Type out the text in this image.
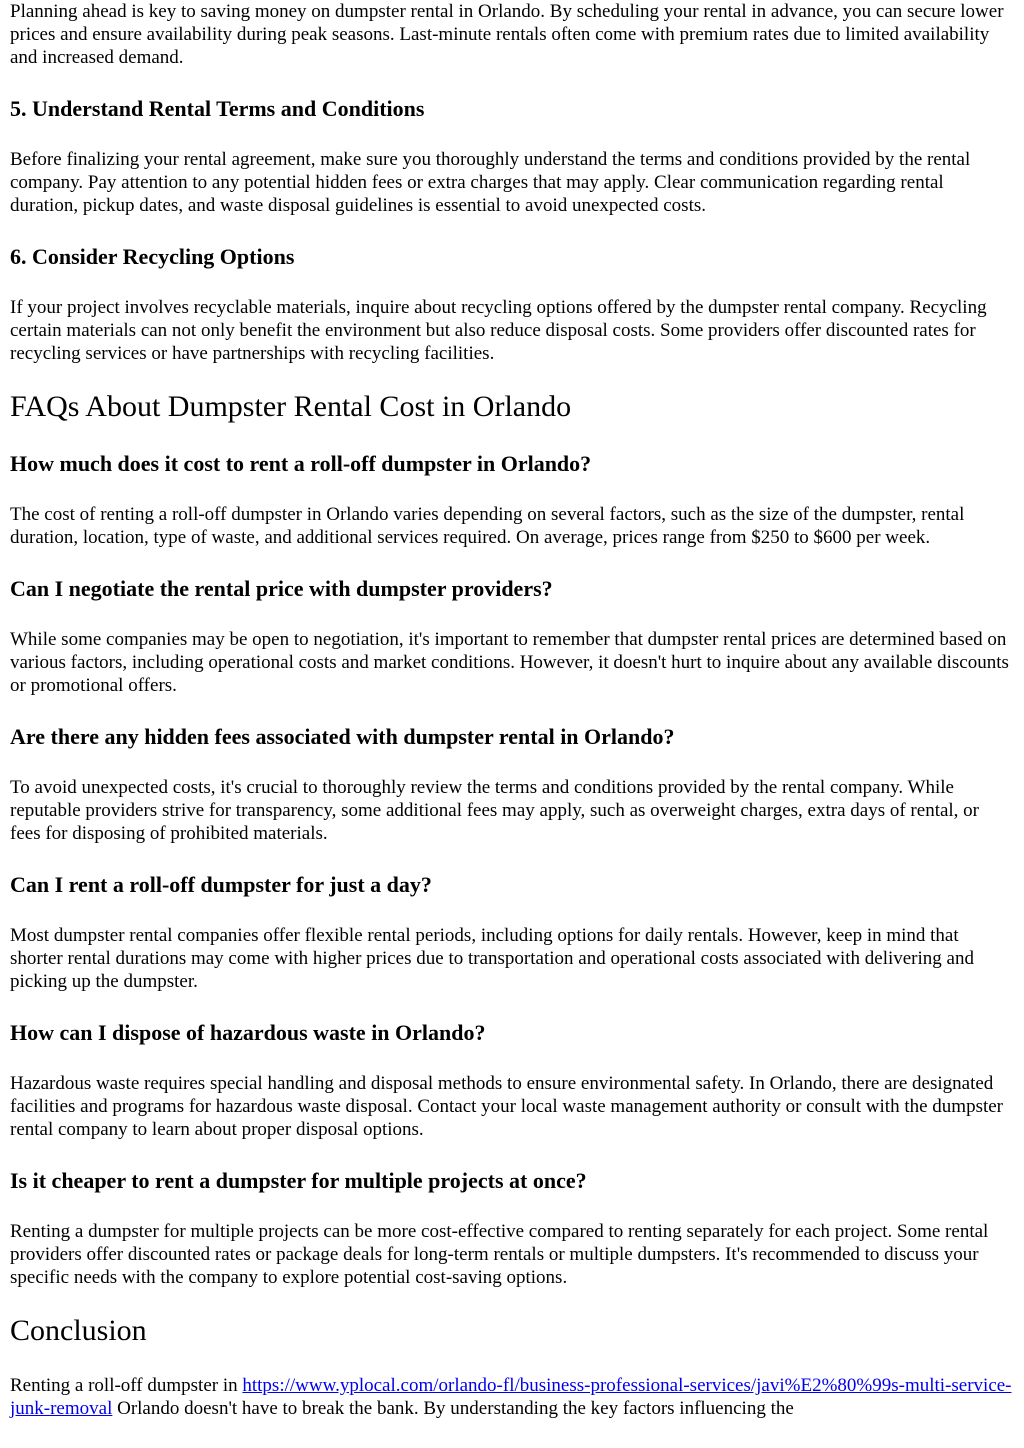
Planning ahead is key to saving money on dumpster rental in Orlando. By scheduling your rental in advance, you can secure lower prices and ensure availability during peak seasons. Last-minute rentals often come with premium rates due to limited availability and increased demand.

5. Understand Rental Terms and Conditions

Before finalizing your rental agreement, make sure you thoroughly understand the terms and conditions provided by the rental company. Pay attention to any potential hidden fees or extra charges that may apply. Clear communication regarding rental duration, pickup dates, and waste disposal guidelines is essential to avoid unexpected costs.

6. Consider Recycling Options

If your project involves recyclable materials, inquire about recycling options offered by the dumpster rental company. Recycling certain materials can not only benefit the environment but also reduce disposal costs. Some providers offer discounted rates for recycling services or have partnerships with recycling facilities.

FAQs About Dumpster Rental Cost in Orlando
How much does it cost to rent a roll-off dumpster in Orlando?

The cost of renting a roll-off dumpster in Orlando varies depending on several factors, such as the size of the dumpster, rental duration, location, type of waste, and additional services required. On average, prices range from $250 to $600 per week.

Can I negotiate the rental price with dumpster providers?

While some companies may be open to negotiation, it's important to remember that dumpster rental prices are determined based on various factors, including operational costs and market conditions. However, it doesn't hurt to inquire about any available discounts or promotional offers.

Are there any hidden fees associated with dumpster rental in Orlando?

To avoid unexpected costs, it's crucial to thoroughly review the terms and conditions provided by the rental company. While reputable providers strive for transparency, some additional fees may apply, such as overweight charges, extra days of rental, or fees for disposing of prohibited materials.

Can I rent a roll-off dumpster for just a day?

Most dumpster rental companies offer flexible rental periods, including options for daily rentals. However, keep in mind that shorter rental durations may come with higher prices due to transportation and operational costs associated with delivering and picking up the dumpster.

How can I dispose of hazardous waste in Orlando?

Hazardous waste requires special handling and disposal methods to ensure environmental safety. In Orlando, there are designated facilities and programs for hazardous waste disposal. Contact your local waste management authority or consult with the dumpster rental company to learn about proper disposal options.

Is it cheaper to rent a dumpster for multiple projects at once?

Renting a dumpster for multiple projects can be more cost-effective compared to renting separately for each project. Some rental providers offer discounted rates or package deals for long-term rentals or multiple dumpsters. It's recommended to discuss your specific needs with the company to explore potential cost-saving options.

Conclusion

Renting a roll-off dumpster in https://www.yplocal.com/orlando-fl/business-professional-services/javi%E2%80%99s-multi-service-junk-removal Orlando doesn't have to break the bank. By understanding the key factors influencing the
